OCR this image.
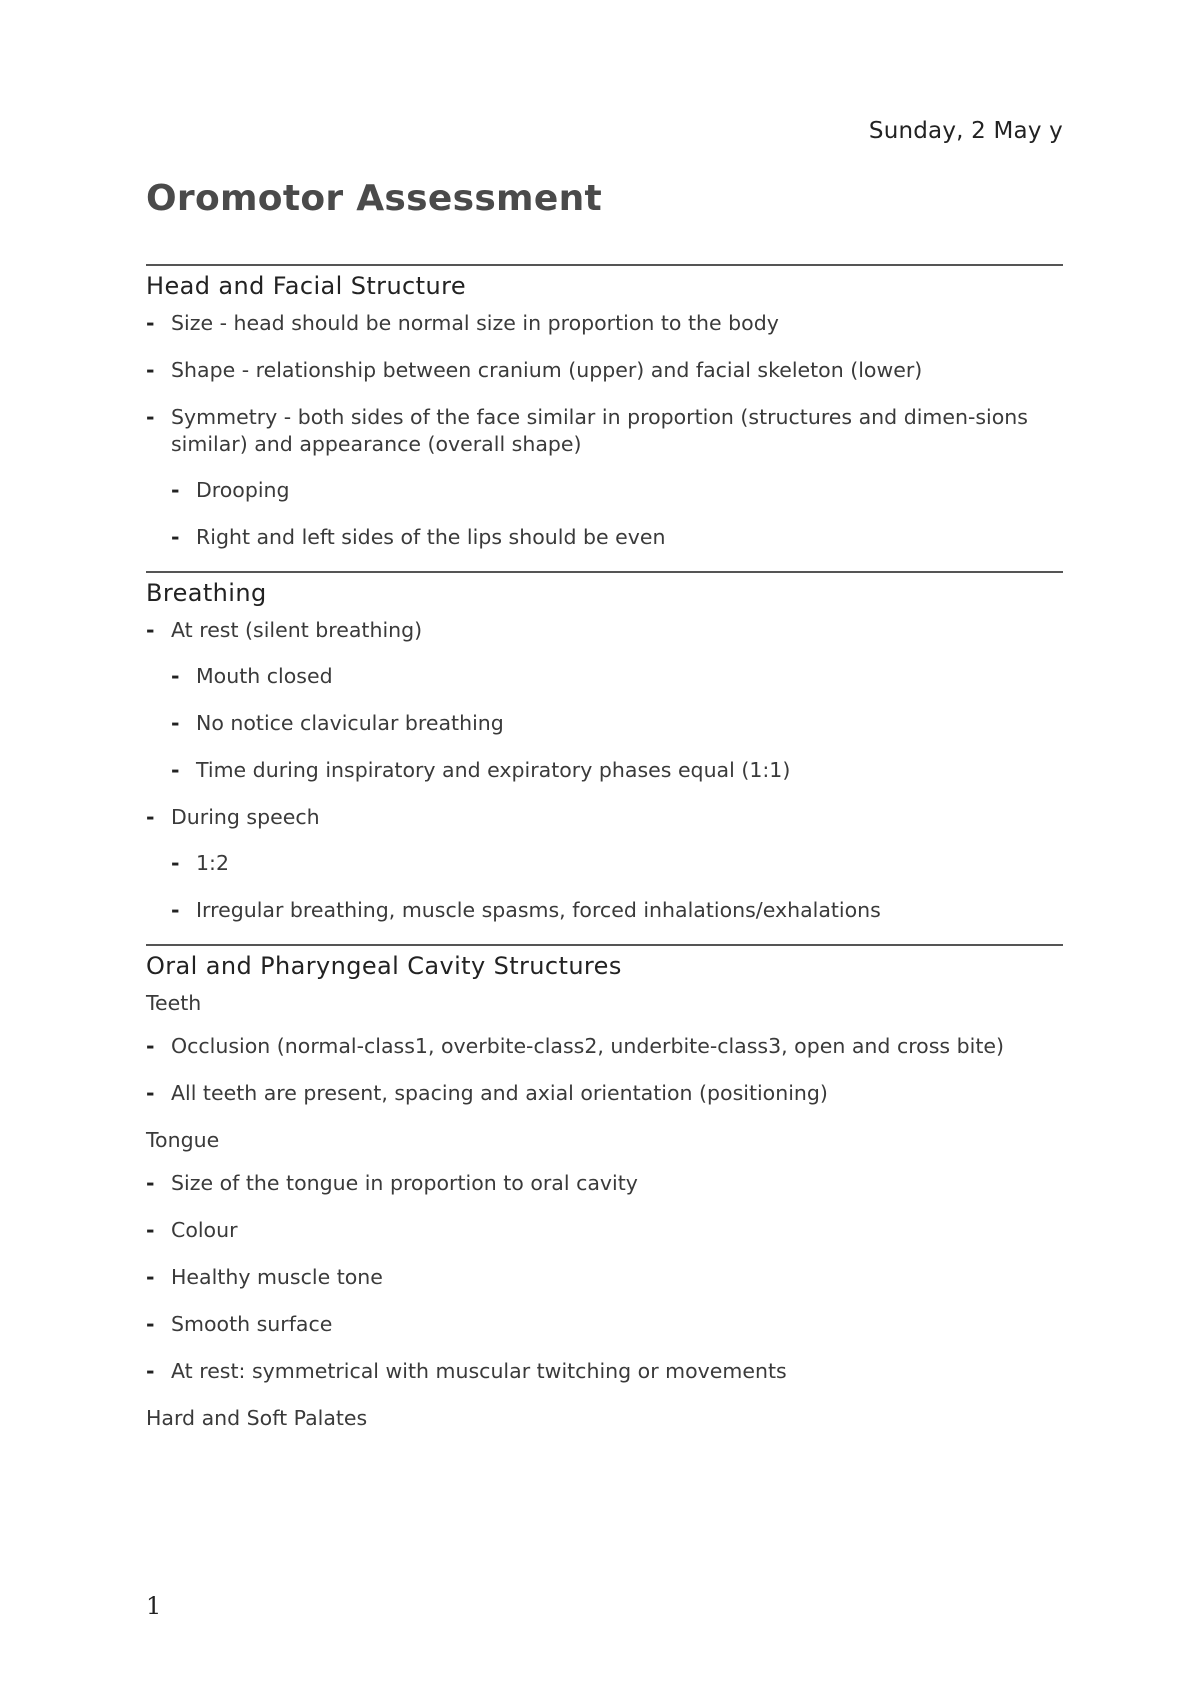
Sunday, 2 May y
Oromotor Assessment
Head and Facial Structure
- Size - head should be normal size in proportion to the body
- Shape - relationship between cranium (upper) and facial skeleton (lower)
- Symmetry - both sides of the face similar in proportion (structures and dimen-sions similar) and appearance (overall shape)
- Drooping
- Right and left sides of the lips should be even
Breathing
- At rest (silent breathing)
- Mouth closed
- No notice clavicular breathing
- Time during inspiratory and expiratory phases equal (1:1)
- During speech
- 1:2
- Irregular breathing, muscle spasms, forced inhalations/exhalations
Oral and Pharyngeal Cavity Structures
Teeth
- Occlusion (normal-class1, overbite-class2, underbite-class3, open and cross bite)
- All teeth are present, spacing and axial orientation (positioning)
Tongue
- Size of the tongue in proportion to oral cavity
- Colour
- Healthy muscle tone
- Smooth surface
- At rest: symmetrical with muscular twitching or movements
Hard and Soft Palates
1
